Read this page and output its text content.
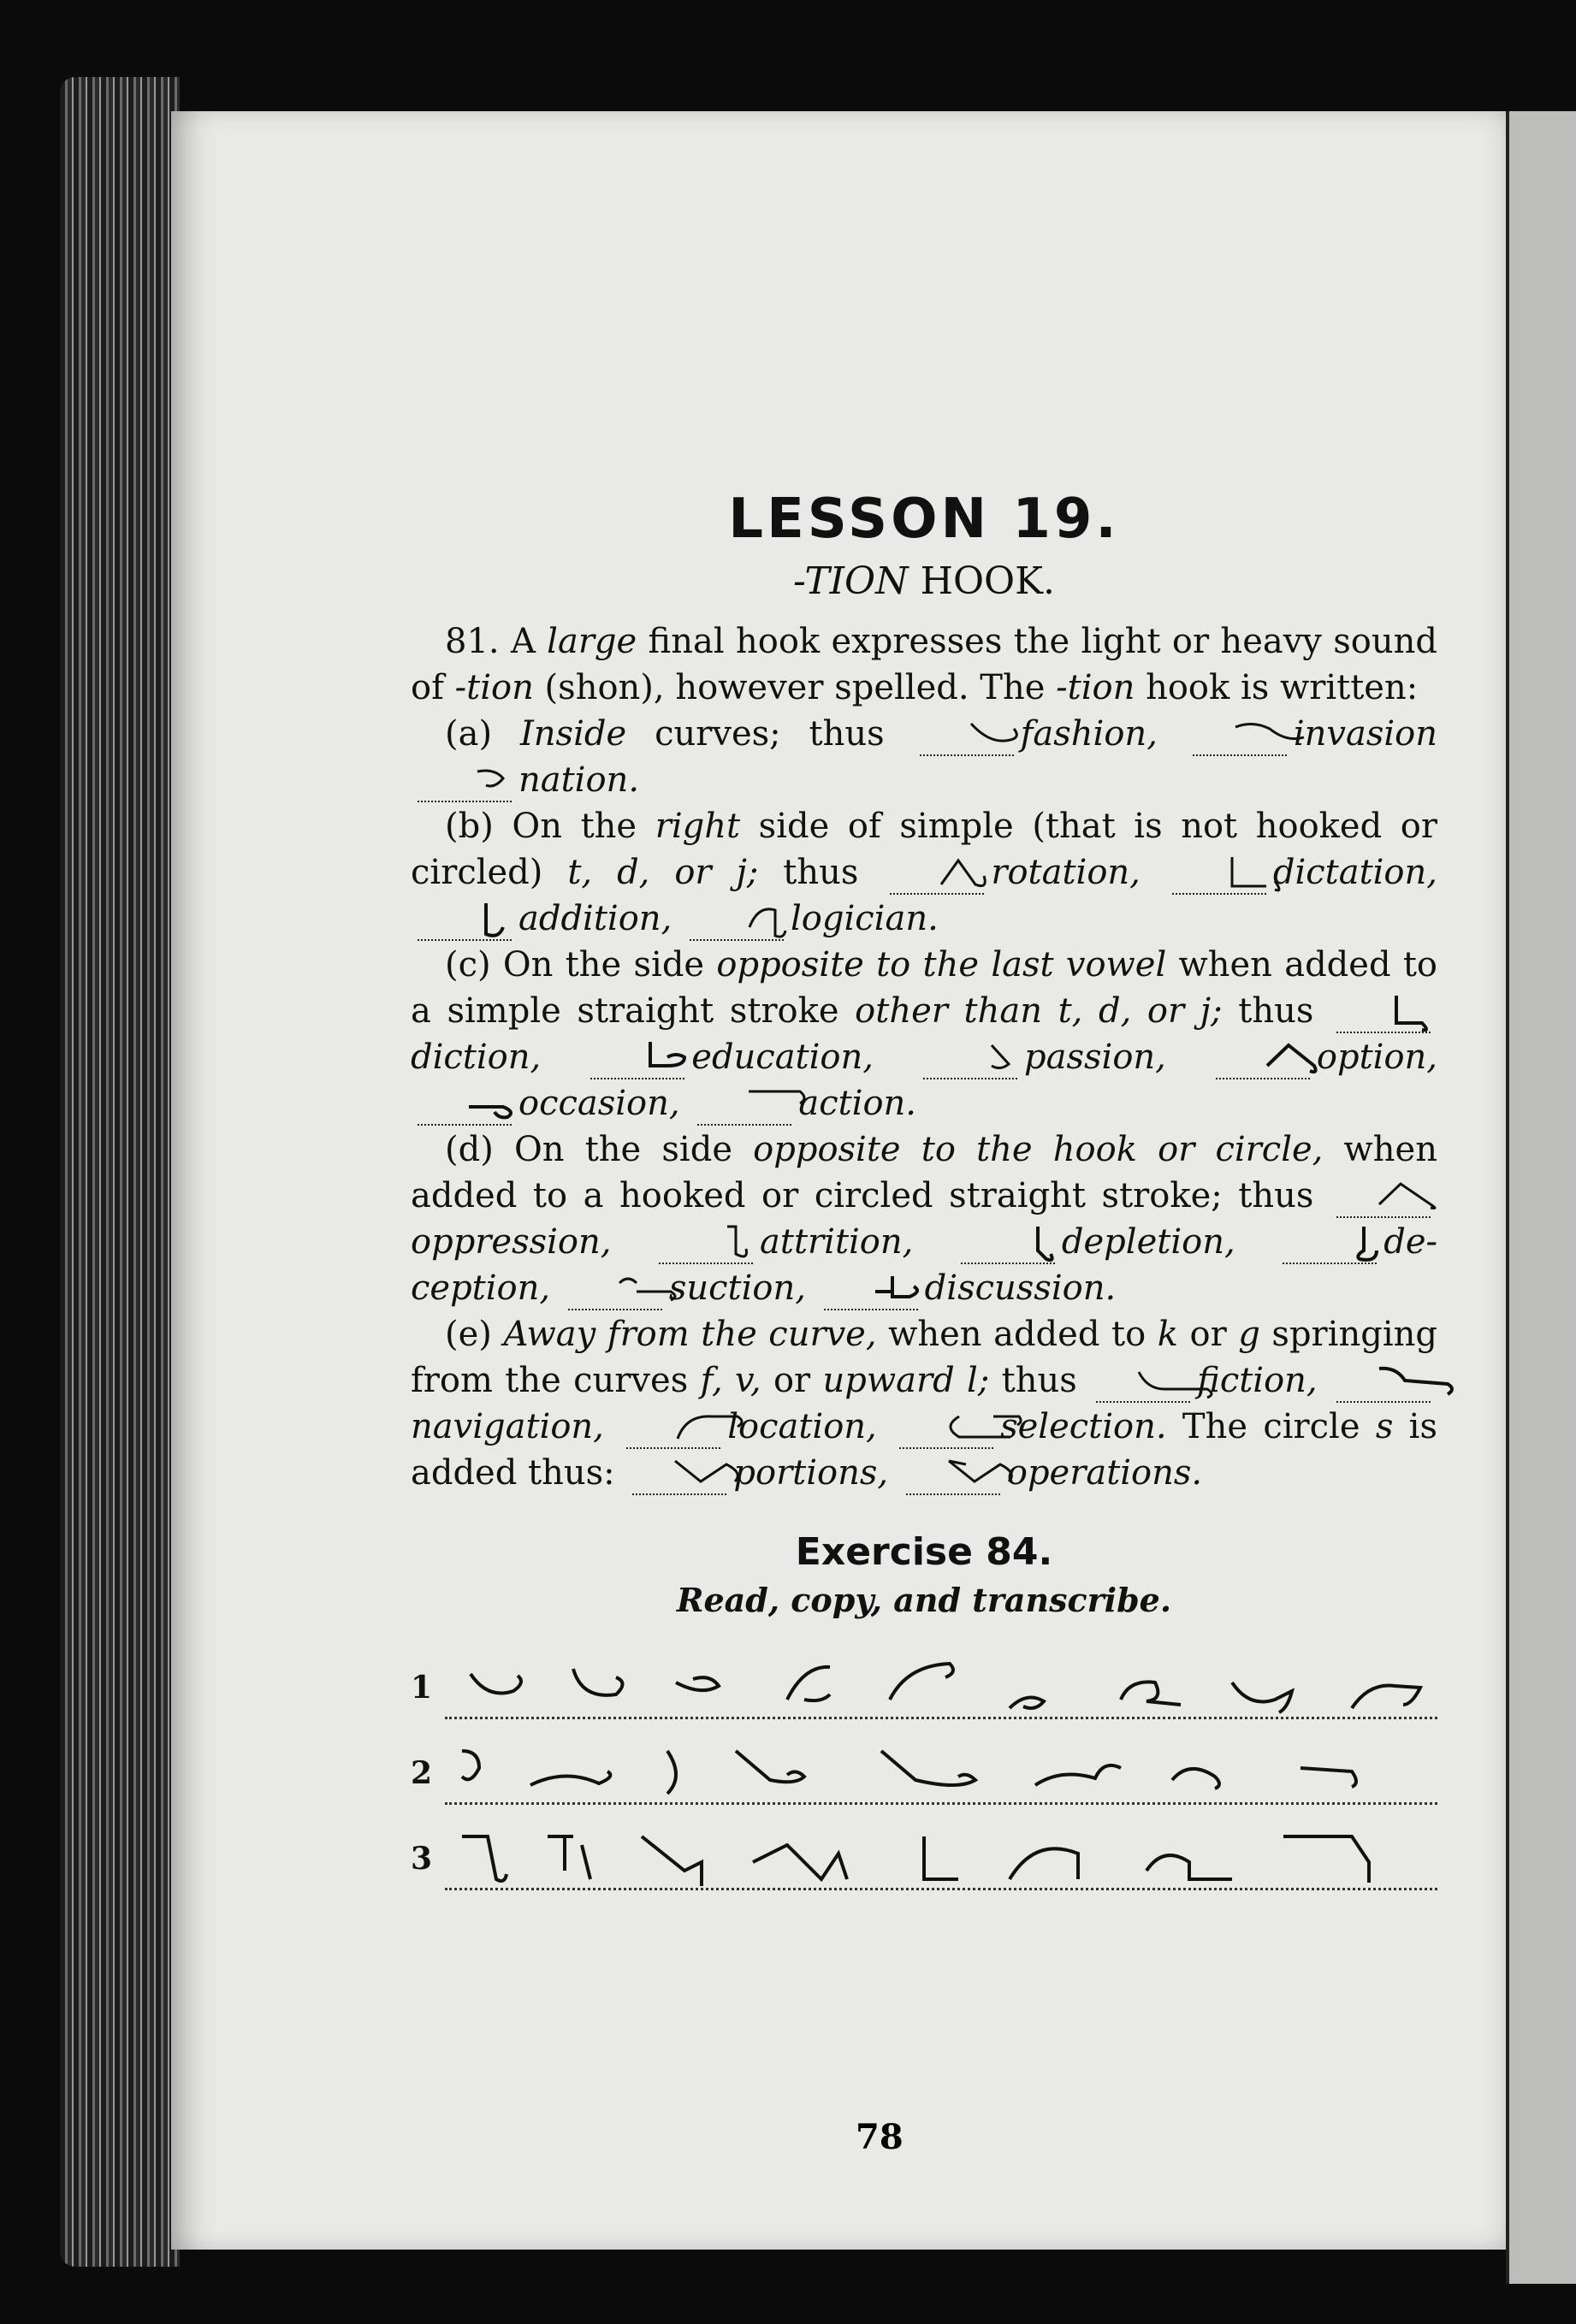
LESSON 19.

-TION HOOK.

81. A large final hook expresses the light or heavy sound of -tion (shon), however spelled. The -tion hook is written:

(a) Inside curves; thus	fashion,	invasion nation.

(b) On the right side of simple (that is not hooked or circled) t, d, or j; thus	rotation,	dictation, addition,	logician.

(c) On the side opposite to the last vowel when added to a simple straight stroke other than t, d, or j; thus diction,	education,	passion,	option, occasion,	action.

(d) On the side opposite to the hook or circle, when added to a hooked or circled straight stroke; thus oppression,	attrition,	depletion,	de-ception,	suction,	discussion.

(e) Away from the curve, when added to k or g springing from the curves f, v, or upward l; thus	fiction, navigation,	location,	selection. The circle s is added thus:	portions,	operations.

Exercise 84.

Read, copy, and transcribe.

1
2
3
78
